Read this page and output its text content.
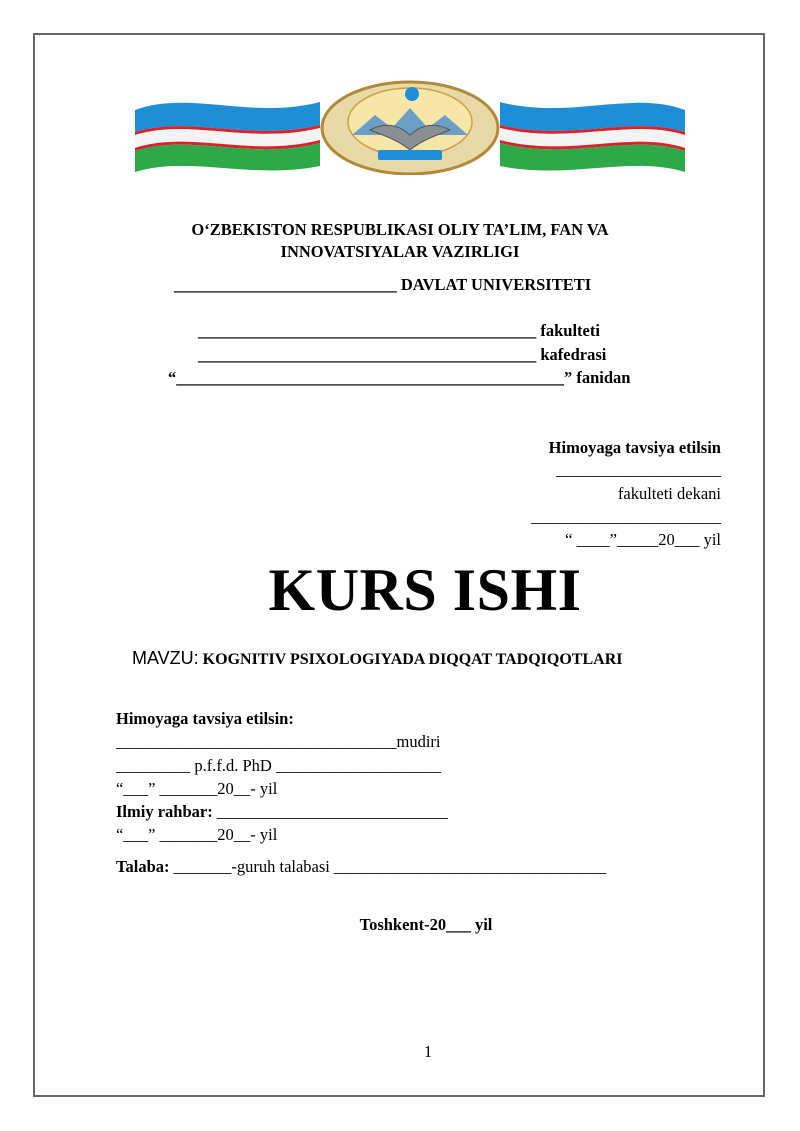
O‘ZBEKISTON RESPUBLIKASI OLIY TA’LIM, FAN VA
INNOVATSIYALAR VAZIRLIGI
___________________________ DAVLAT UNIVERSITETI
_________________________________________ fakulteti
_________________________________________ kafedrasi
“_______________________________________________” fanidan
Himoyaga tavsiya etilsin
____________________
fakulteti dekani
_______________________
“ ____”_____20___ yil
KURS ISHI
MAVZU: KOGNITIV PSIXOLOGIYADA DIQQAT TADQIQOTLARI
Himoyaga tavsiya etilsin:
__________________________________mudiri
_________ p.f.f.d. PhD ____________________
“___” _______20__- yil
Ilmiy rahbar: ____________________________
“___” _______20__- yil
Talaba: _______-guruh talabasi _________________________________
Toshkent-20___ yil
1
